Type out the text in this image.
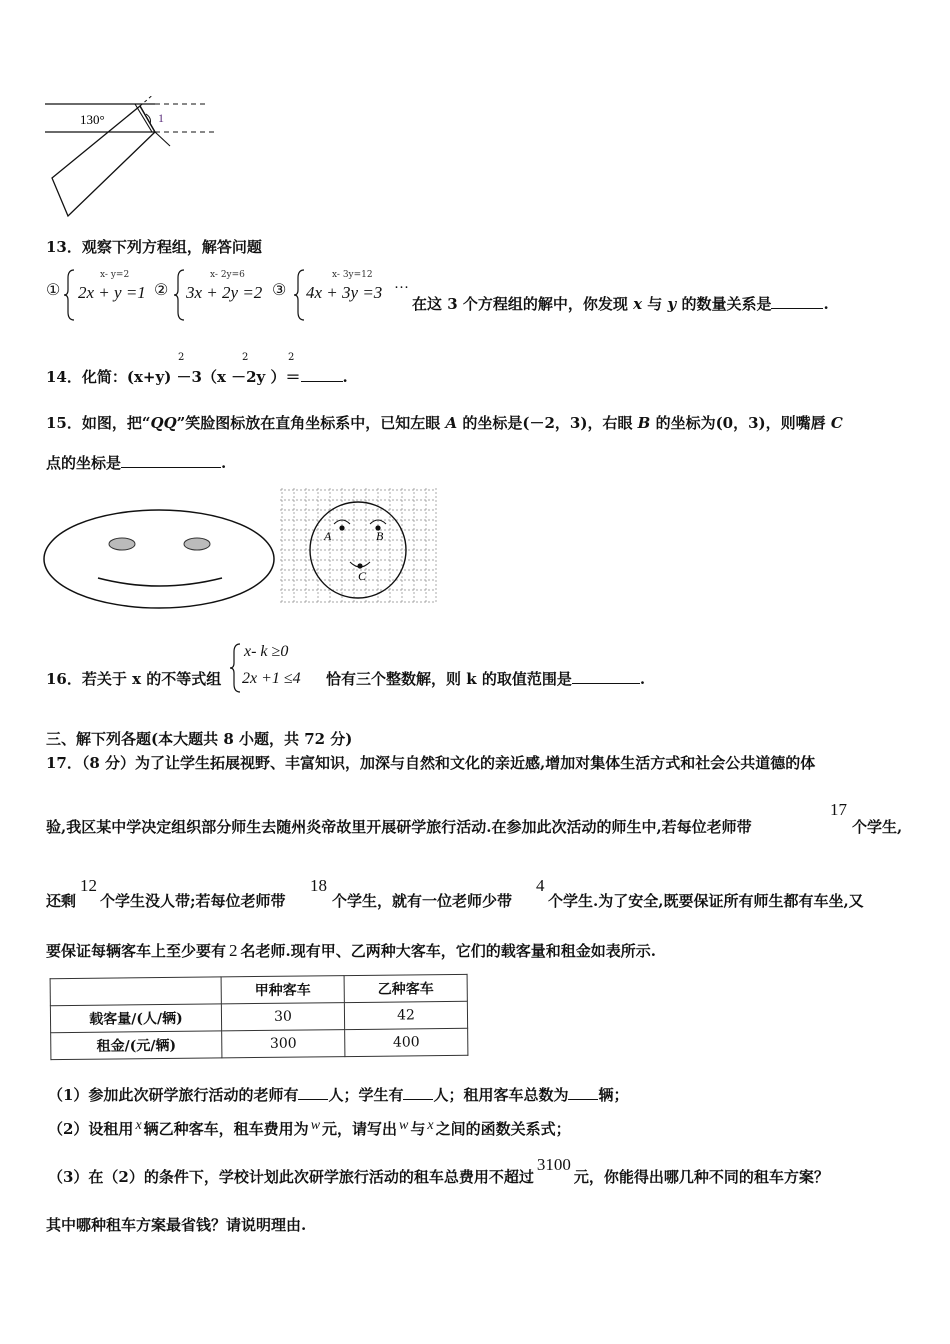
130°	1
13．观察下列方程组，解答问题
①
x- y=2
2x + y =1 ②
x- 2y=6
3x + 2y =2 ③
x- 3y=12
4x + 3y =3 ···
在这 3 个方程组的解中，你发现 x 与 y 的数量关系是	.
14．化简：(x+y) －3（x －2y ）＝	.
2	2	2
15．如图，把“QQ”笑脸图标放在直角坐标系中，已知左眼 A 的坐标是(－2，3)，右眼 B 的坐标为(0，3)，则嘴唇 C
点的坐标是	.
A	B
C
16．若关于 x 的不等式组
x- k ≥0
2x +1 ≤4 恰有三个整数解，则 k 的取值范围是	.
三、解下列各题(本大题共 8 小题，共 72 分)
17．（8 分）为了让学生拓展视野、丰富知识，加深与自然和文化的亲近感,增加对集体生活方式和社会公共道德的体
验,我区某中学决定组织部分师生去随州炎帝故里开展研学旅行活动.在参加此次活动的师生中,若每位老师带
17
个学生,
还剩
12
个学生没人带;若每位老师带
18
个学生，就有一位老师少带
4
个学生.为了安全,既要保证所有师生都有车坐,又
要保证每辆客车上至少要有 2 名老师.现有甲、乙两种大客车，它们的载客量和租金如表所示.
	甲种客车	乙种客车
载客量/(人/辆)	30	42
租金/(元/辆)	300	400
（1）参加此次研学旅行活动的老师有 人；学生有 人；租用客车总数为 辆；
（2）设租用 x 辆乙种客车，租车费用为 w 元，请写出 w 与 x 之间的函数关系式；
（3）在（2）的条件下，学校计划此次研学旅行活动的租车总费用不超过3100元，你能得出哪几种不同的租车方案？
其中哪种租车方案最省钱？请说明理由.
